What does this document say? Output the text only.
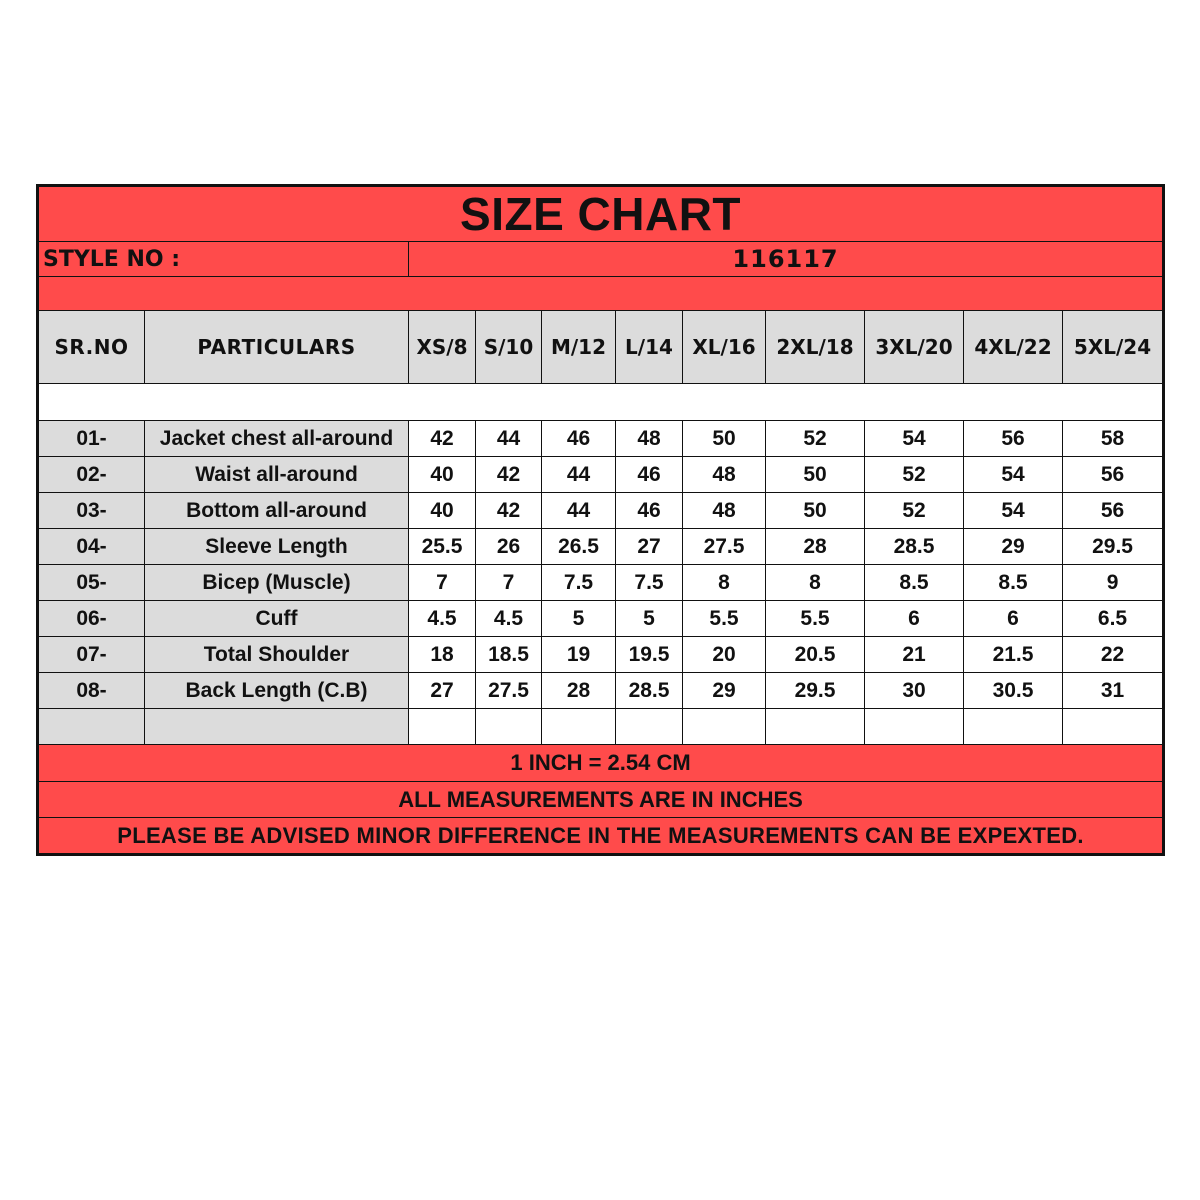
SIZE CHART										
STYLE NO :		116117								

SR.NO	PARTICULARS	XS/8	S/10	M/12	L/14	XL/16	2XL/18	3XL/20	4XL/22	5XL/24

01-	Jacket chest all-around	42	44	46	48	50	52	54	56	58
02-	Waist all-around	40	42	44	46	48	50	52	54	56
03-	Bottom all-around	40	42	44	46	48	50	52	54	56
04-	Sleeve Length	25.5	26	26.5	27	27.5	28	28.5	29	29.5
05-	Bicep (Muscle)	7	7	7.5	7.5	8	8	8.5	8.5	9
06-	Cuff	4.5	4.5	5	5	5.5	5.5	6	6	6.5
07-	Total Shoulder	18	18.5	19	19.5	20	20.5	21	21.5	22
08-	Back Length (C.B)	27	27.5	28	28.5	29	29.5	30	30.5	31

1 INCH = 2.54 CM										
ALL MEASUREMENTS ARE IN INCHES										
PLEASE BE ADVISED MINOR DIFFERENCE IN THE MEASUREMENTS CAN BE EXPEXTED.										
